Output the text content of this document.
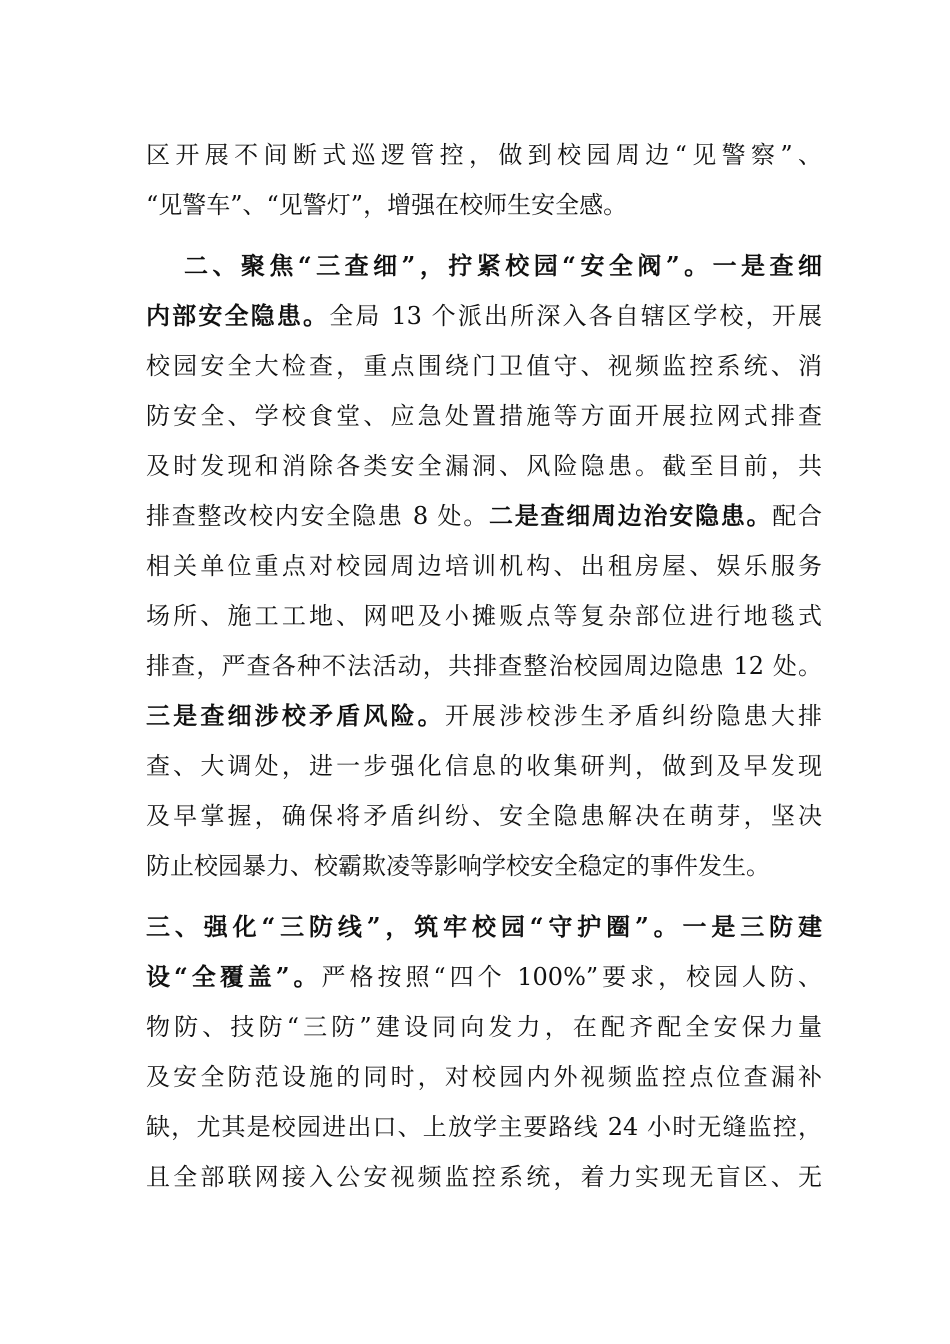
区开展不间断式巡逻管控，做到校园周边“见警察”、
“见警车”、“见警灯”，增强在校师生安全感。
二、聚焦“三查细”，拧紧校园“安全阀”。一是查细
内部安全隐患。全局 13 个派出所深入各自辖区学校，开展
校园安全大检查，重点围绕门卫值守、视频监控系统、消
防安全、学校食堂、应急处置措施等方面开展拉网式排查
及时发现和消除各类安全漏洞、风险隐患。截至目前，共
排查整改校内安全隐患 8 处。二是查细周边治安隐患。配合
相关单位重点对校园周边培训机构、出租房屋、娱乐服务
场所、施工工地、网吧及小摊贩点等复杂部位进行地毯式
排查，严查各种不法活动，共排查整治校园周边隐患 12 处。
三是查细涉校矛盾风险。开展涉校涉生矛盾纠纷隐患大排
查、大调处，进一步强化信息的收集研判，做到及早发现
及早掌握，确保将矛盾纠纷、安全隐患解决在萌芽，坚决
防止校园暴力、校霸欺凌等影响学校安全稳定的事件发生。
三、强化“三防线”，筑牢校园“守护圈”。一是三防建
设“全覆盖”。严格按照“四个 100%”要求，校园人防、
物防、技防“三防”建设同向发力，在配齐配全安保力量
及安全防范设施的同时，对校园内外视频监控点位查漏补
缺，尤其是校园进出口、上放学主要路线 24 小时无缝监控，
且全部联网接入公安视频监控系统，着力实现无盲区、无
